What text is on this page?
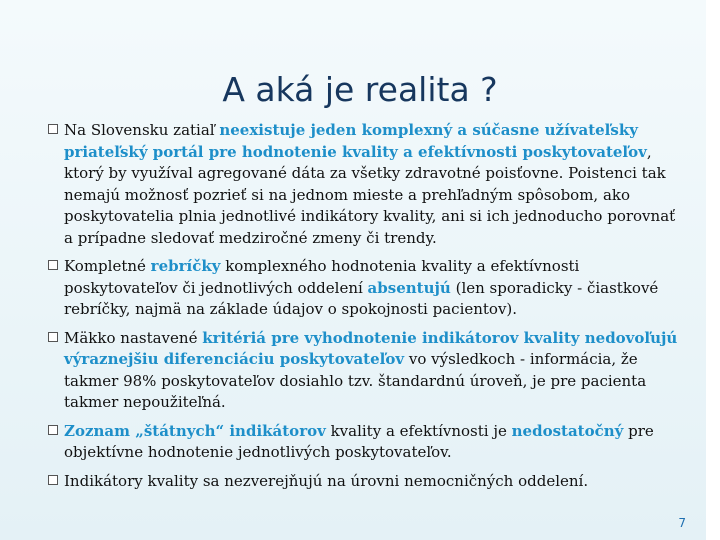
A aká je realita ?
Na Slovensku zatiaľ neexistuje jeden komplexný a súčasne užívateľsky priateľský portál pre hodnotenie kvality a efektívnosti poskytovateľov, ktorý by využíval agregované dáta za všetky zdravotné poisťovne. Poistenci tak nemajú možnosť pozrieť si na jednom mieste a prehľadným spôsobom, ako poskytovatelia plnia jednotlivé indikátory kvality, ani si ich jednoducho porovnať a prípadne sledovať medziročné zmeny či trendy.
Kompletné rebríčky komplexného hodnotenia kvality a efektívnosti poskytovateľov či jednotlivých oddelení absentujú (len sporadicky - čiastkové rebríčky, najmä na základe údajov o spokojnosti pacientov).
Mäkko nastavené kritériá pre vyhodnotenie indikátorov kvality nedovoľujú výraznejšiu diferenciáciu poskytovateľov vo výsledkoch - informácia, že takmer 98% poskytovateľov dosiahlo tzv. štandardnú úroveň, je pre pacienta takmer nepoužiteľná.
Zoznam „štátnych“ indikátorov kvality a efektívnosti je nedostatočný pre objektívne hodnotenie jednotlivých poskytovateľov.
Indikátory kvality sa nezverejňujú na úrovni nemocničných oddelení.
7
